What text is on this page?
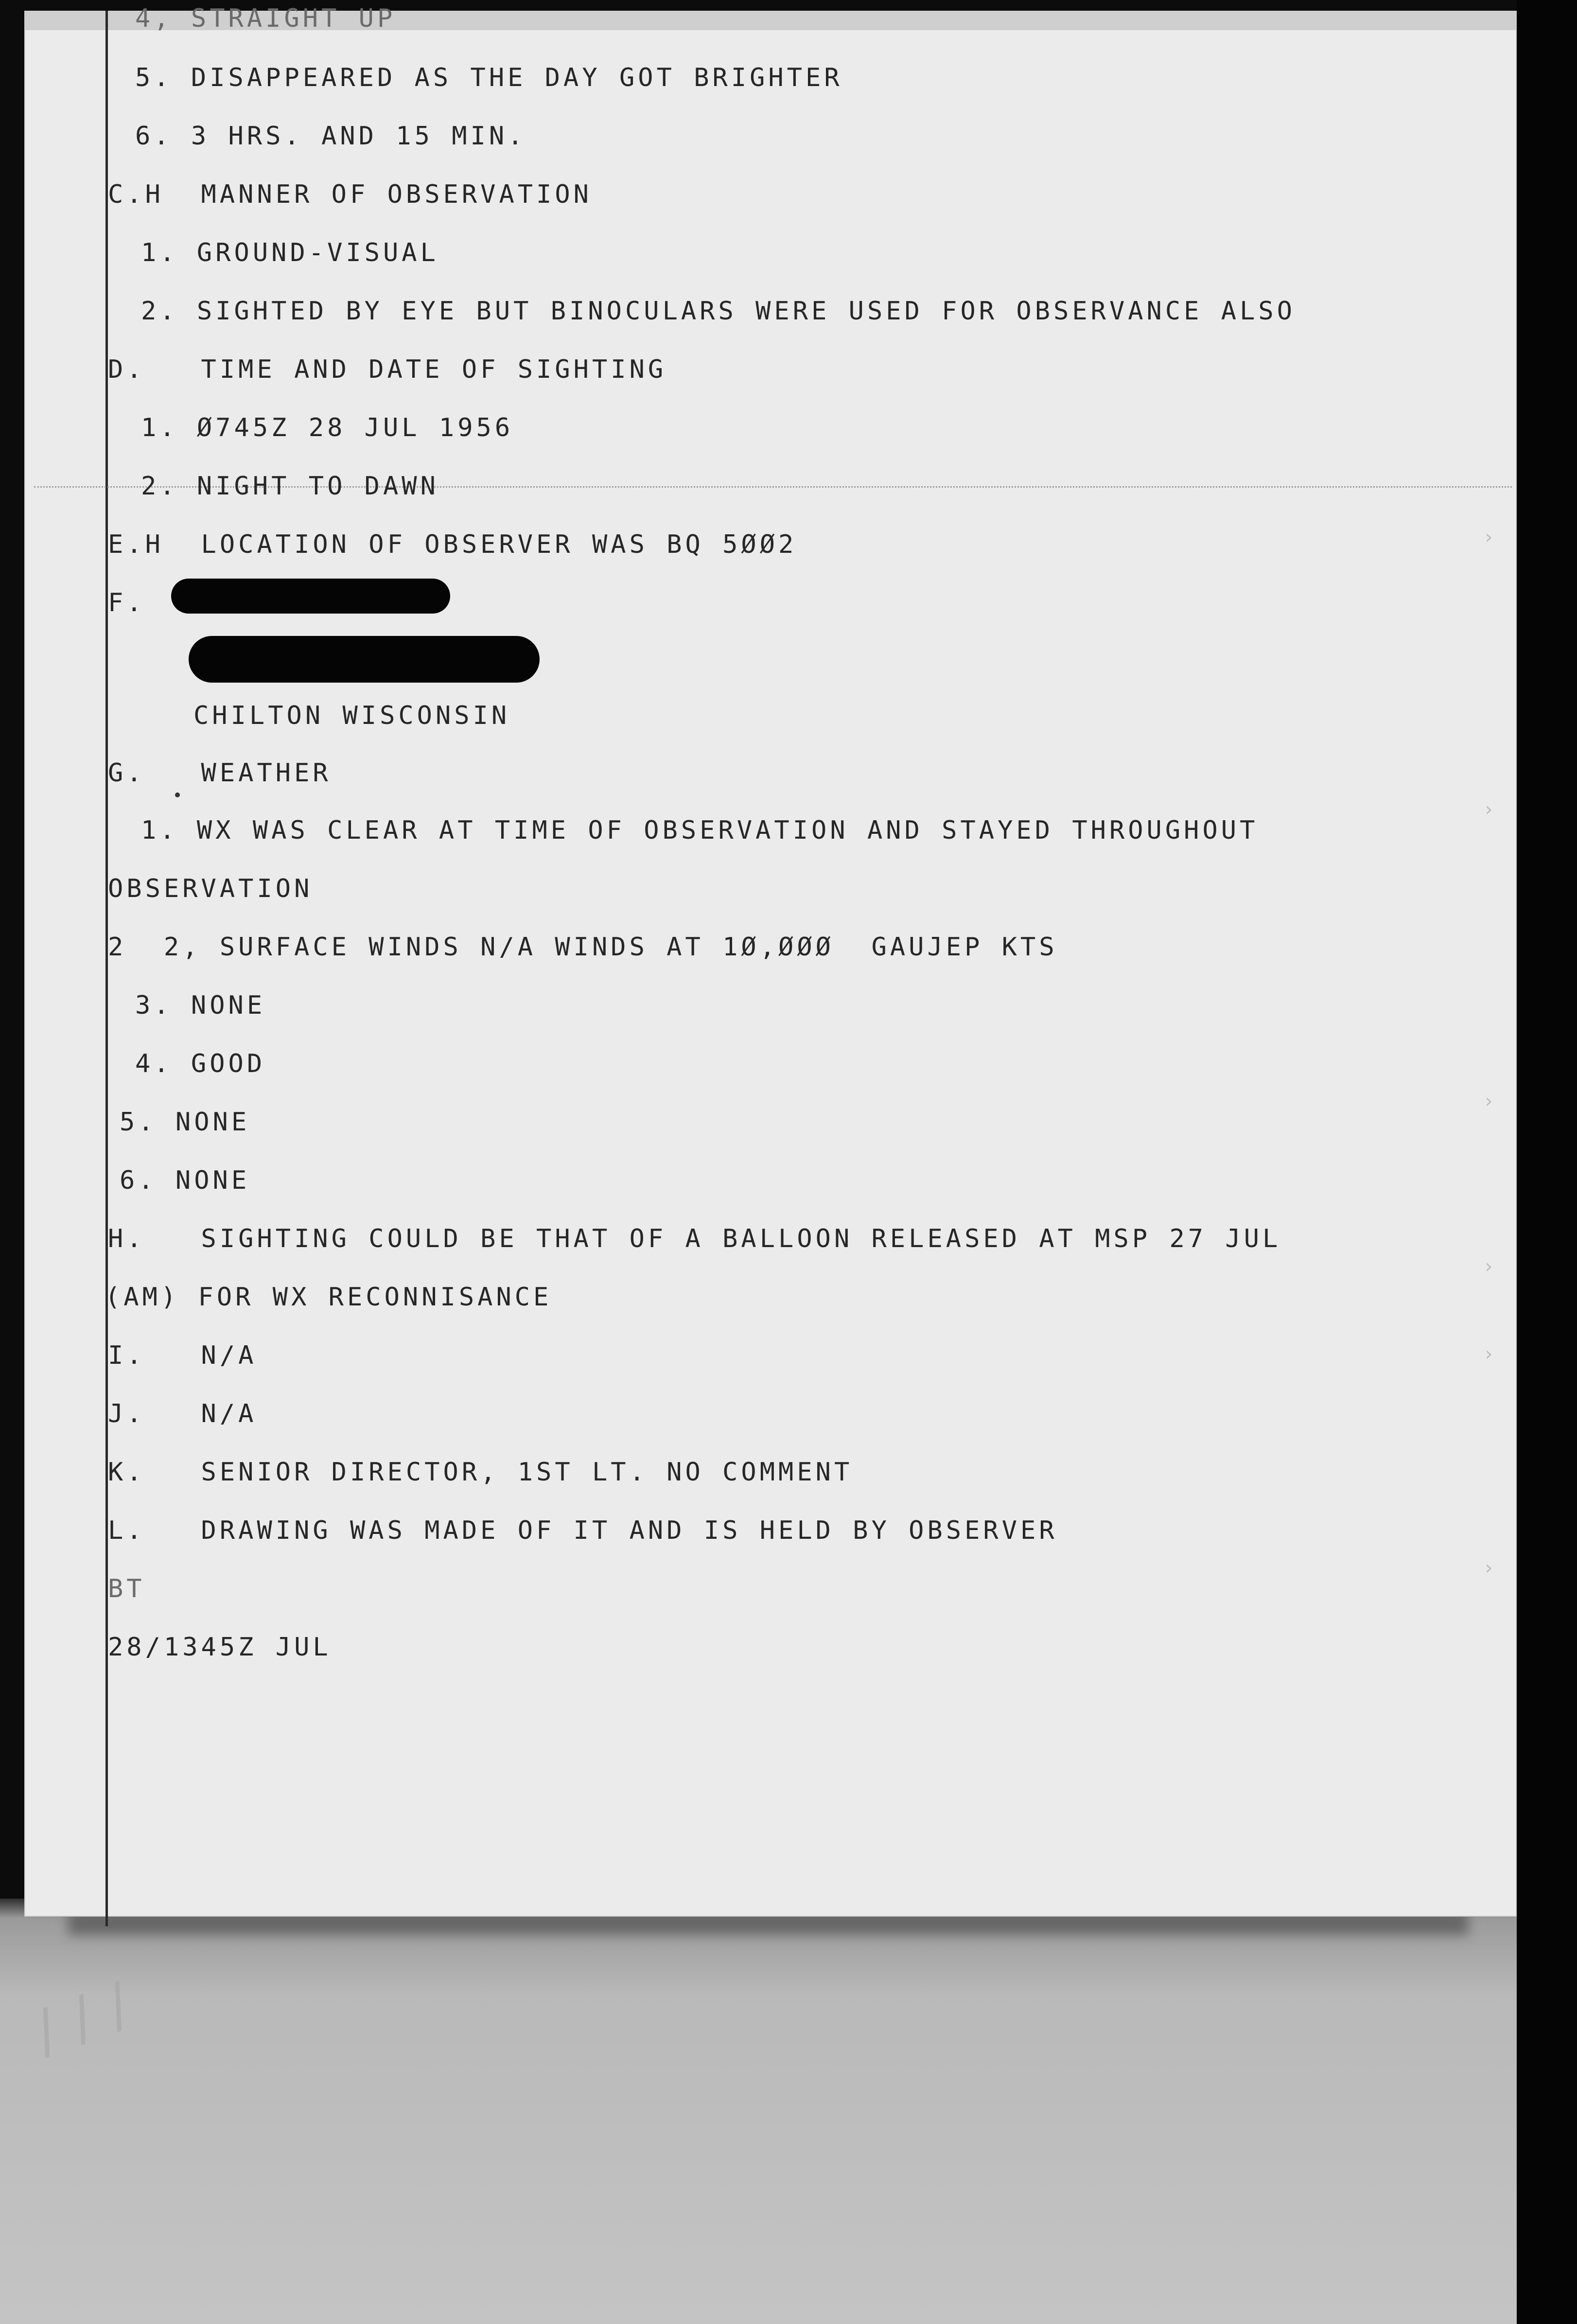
/ / /

4, STRAIGHT UP

5. DISAPPEARED AS THE DAY GOT BRIGHTER

6. 3 HRS. AND 15 MIN.

C.H  MANNER OF OBSERVATION

1. GROUND-VISUAL

2. SIGHTED BY EYE BUT BINOCULARS WERE USED FOR OBSERVANCE ALSO

D.   TIME AND DATE OF SIGHTING

1. Ø745Z 28 JUL 1956

2. NIGHT TO DAWN

E.H  LOCATION OF OBSERVER WAS BQ 5ØØ2

F.

CHILTON WISCONSIN

G.   WEATHER

1. WX WAS CLEAR AT TIME OF OBSERVATION AND STAYED THROUGHOUT

OBSERVATION

2  2, SURFACE WINDS N/A WINDS AT 1Ø,ØØØ  GAUJEP KTS

3. NONE

4. GOOD

5. NONE

6. NONE

H.   SIGHTING COULD BE THAT OF A BALLOON RELEASED AT MSP 27 JUL

(AM) FOR WX RECONNISANCE

I.   N/A

J.   N/A

K.   SENIOR DIRECTOR, 1ST LT. NO COMMENT

L.   DRAWING WAS MADE OF IT AND IS HELD BY OBSERVER

BT

28/1345Z JUL

›
›
›
›
›
›
